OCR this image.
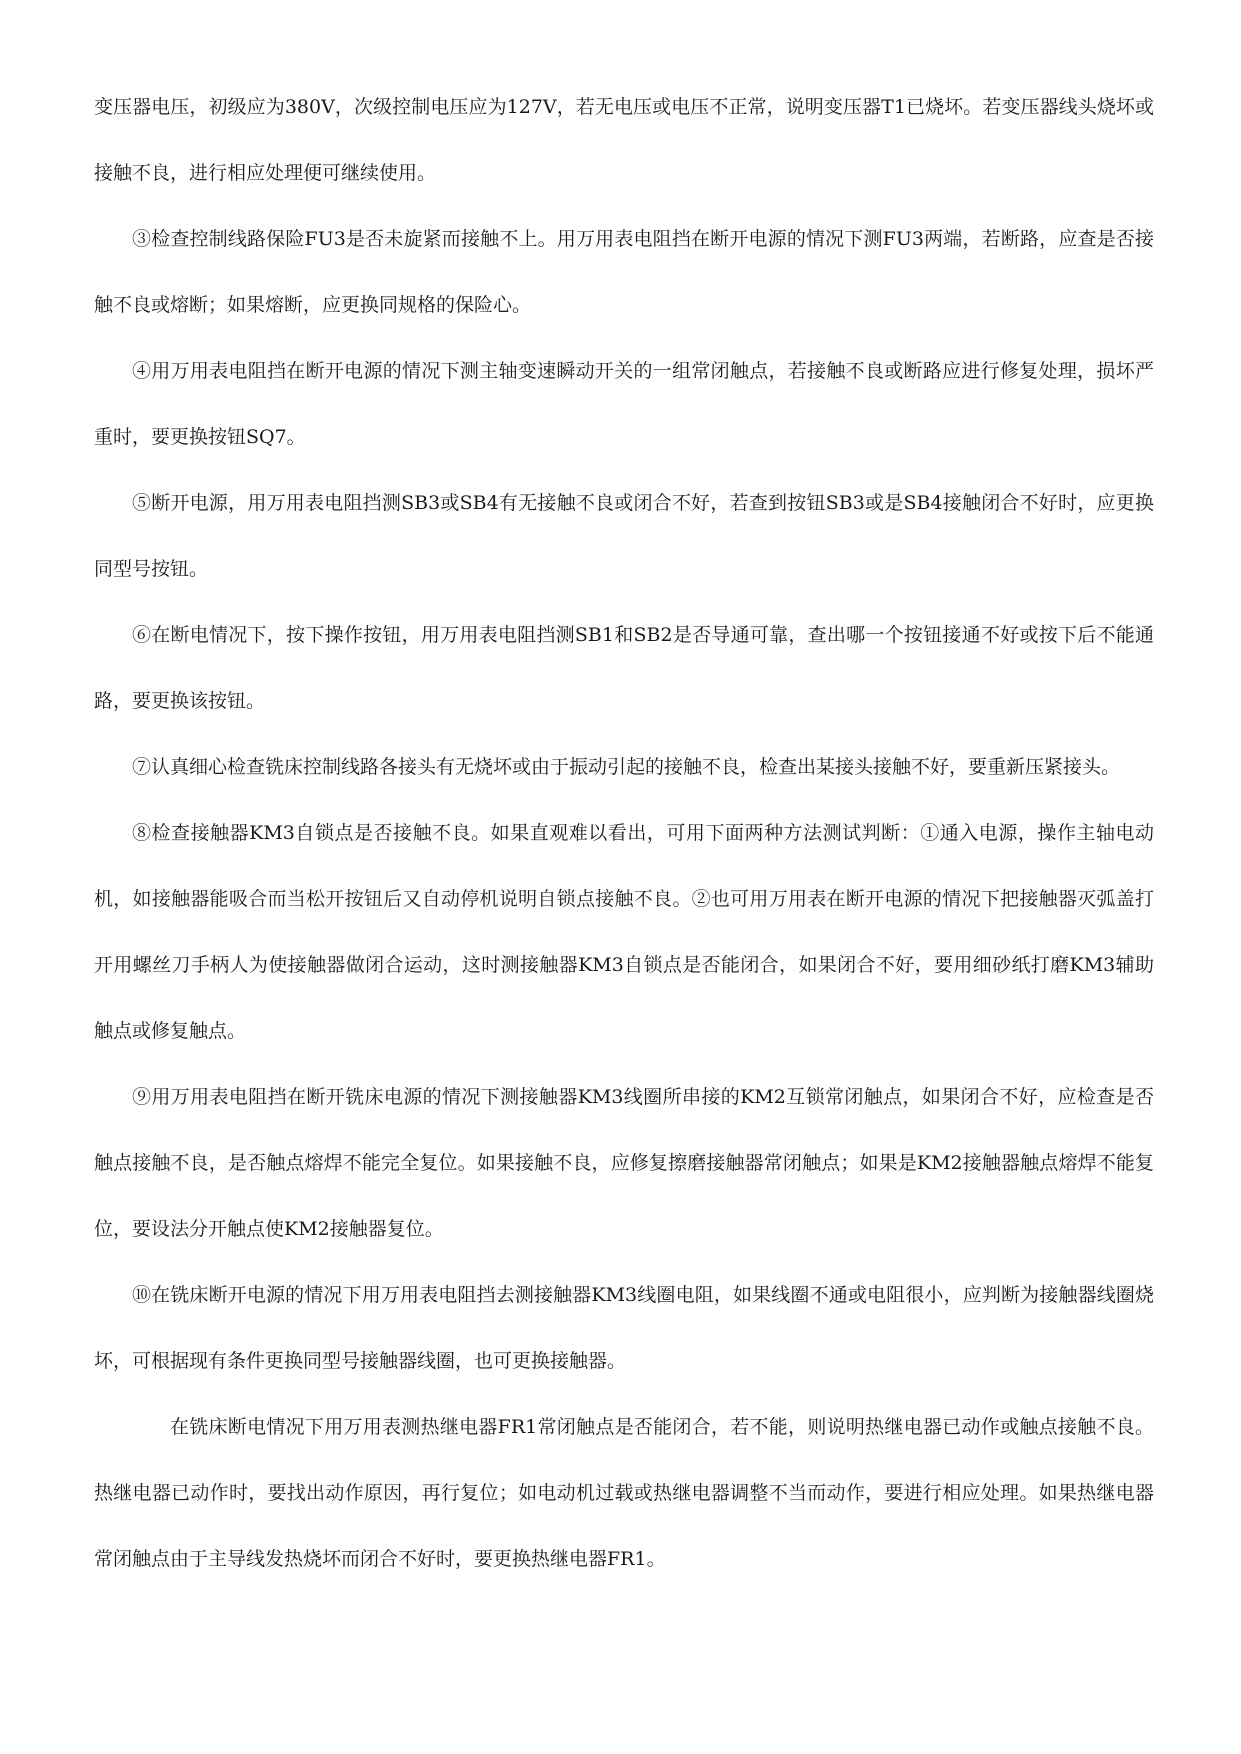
变压器电压，初级应为380V，次级控制电压应为127V，若无电压或电压不正常，说明变压器T1已烧坏。若变压器线头烧坏或接触不良，进行相应处理便可继续使用。

③检查控制线路保险FU3是否未旋紧而接触不上。用万用表电阻挡在断开电源的情况下测FU3两端，若断路，应查是否接触不良或熔断；如果熔断，应更换同规格的保险心。

④用万用表电阻挡在断开电源的情况下测主轴变速瞬动开关的一组常闭触点，若接触不良或断路应进行修复处理，损坏严重时，要更换按钮SQ7。

⑤断开电源，用万用表电阻挡测SB3或SB4有无接触不良或闭合不好，若查到按钮SB3或是SB4接触闭合不好时，应更换同型号按钮。

⑥在断电情况下，按下操作按钮，用万用表电阻挡测SB1和SB2是否导通可靠，查出哪一个按钮接通不好或按下后不能通路，要更换该按钮。

⑦认真细心检查铣床控制线路各接头有无烧坏或由于振动引起的接触不良，检查出某接头接触不好，要重新压紧接头。

⑧检查接触器KM3自锁点是否接触不良。如果直观难以看出，可用下面两种方法测试判断：①通入电源，操作主轴电动机，如接触器能吸合而当松开按钮后又自动停机说明自锁点接触不良。②也可用万用表在断开电源的情况下把接触器灭弧盖打开用螺丝刀手柄人为使接触器做闭合运动，这时测接触器KM3自锁点是否能闭合，如果闭合不好，要用细砂纸打磨KM3辅助触点或修复触点。

⑨用万用表电阻挡在断开铣床电源的情况下测接触器KM3线圈所串接的KM2互锁常闭触点，如果闭合不好，应检查是否触点接触不良，是否触点熔焊不能完全复位。如果接触不良，应修复擦磨接触器常闭触点；如果是KM2接触器触点熔焊不能复位，要设法分开触点使KM2接触器复位。

⑩在铣床断开电源的情况下用万用表电阻挡去测接触器KM3线圈电阻，如果线圈不通或电阻很小，应判断为接触器线圈烧坏，可根据现有条件更换同型号接触器线圈，也可更换接触器。

在铣床断电情况下用万用表测热继电器FR1常闭触点是否能闭合，若不能，则说明热继电器已动作或触点接触不良。热继电器已动作时，要找出动作原因，再行复位；如电动机过载或热继电器调整不当而动作，要进行相应处理。如果热继电器常闭触点由于主导线发热烧坏而闭合不好时，要更换热继电器FR1。
